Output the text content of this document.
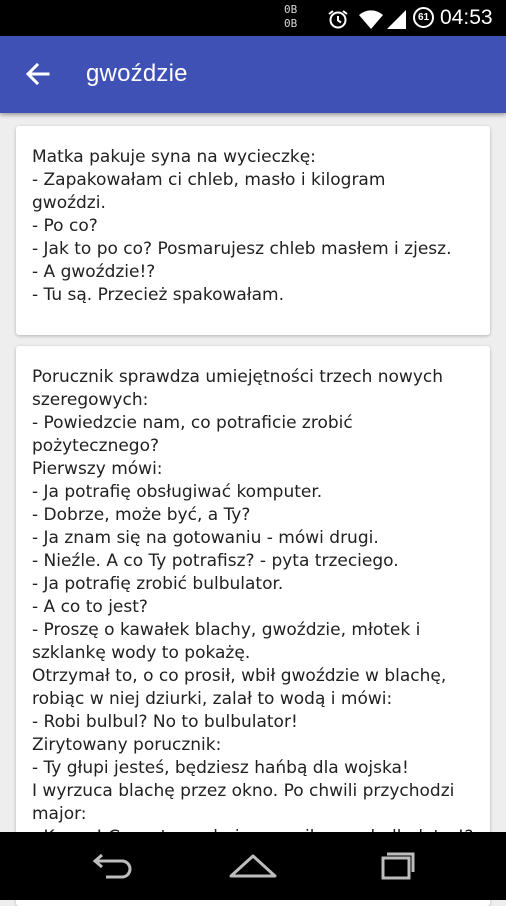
0B
0B	61 04:53
gwoździe

Matka pakuje syna na wycieczkę:
- Zapakowałam ci chleb, masło i kilogram
gwoździ.
- Po co?
- Jak to po co? Posmarujesz chleb masłem i zjesz.
- A gwoździe!?
- Tu są. Przecież spakowałam.

Porucznik sprawdza umiejętności trzech nowych
szeregowych:
- Powiedzcie nam, co potraficie zrobić
pożytecznego?
Pierwszy mówi:
- Ja potrafię obsługiwać komputer.
- Dobrze, może być, a Ty?
- Ja znam się na gotowaniu - mówi drugi.
- Nieźle. A co Ty potrafisz? - pyta trzeciego.
- Ja potrafię zrobić bulbulator.
- A co to jest?
- Proszę o kawałek blachy, gwoździe, młotek i
szklankę wody to pokażę.
Otrzymał to, o co prosił, wbił gwoździe w blachę,
robiąc w niej dziurki, zalał to wodą i mówi:
- Robi bulbul? No to bulbulator!
Zirytowany porucznik:
- Ty głupi jesteś, będziesz hańbą dla wojska!
I wyrzuca blachę przez okno. Po chwili przychodzi
major:
